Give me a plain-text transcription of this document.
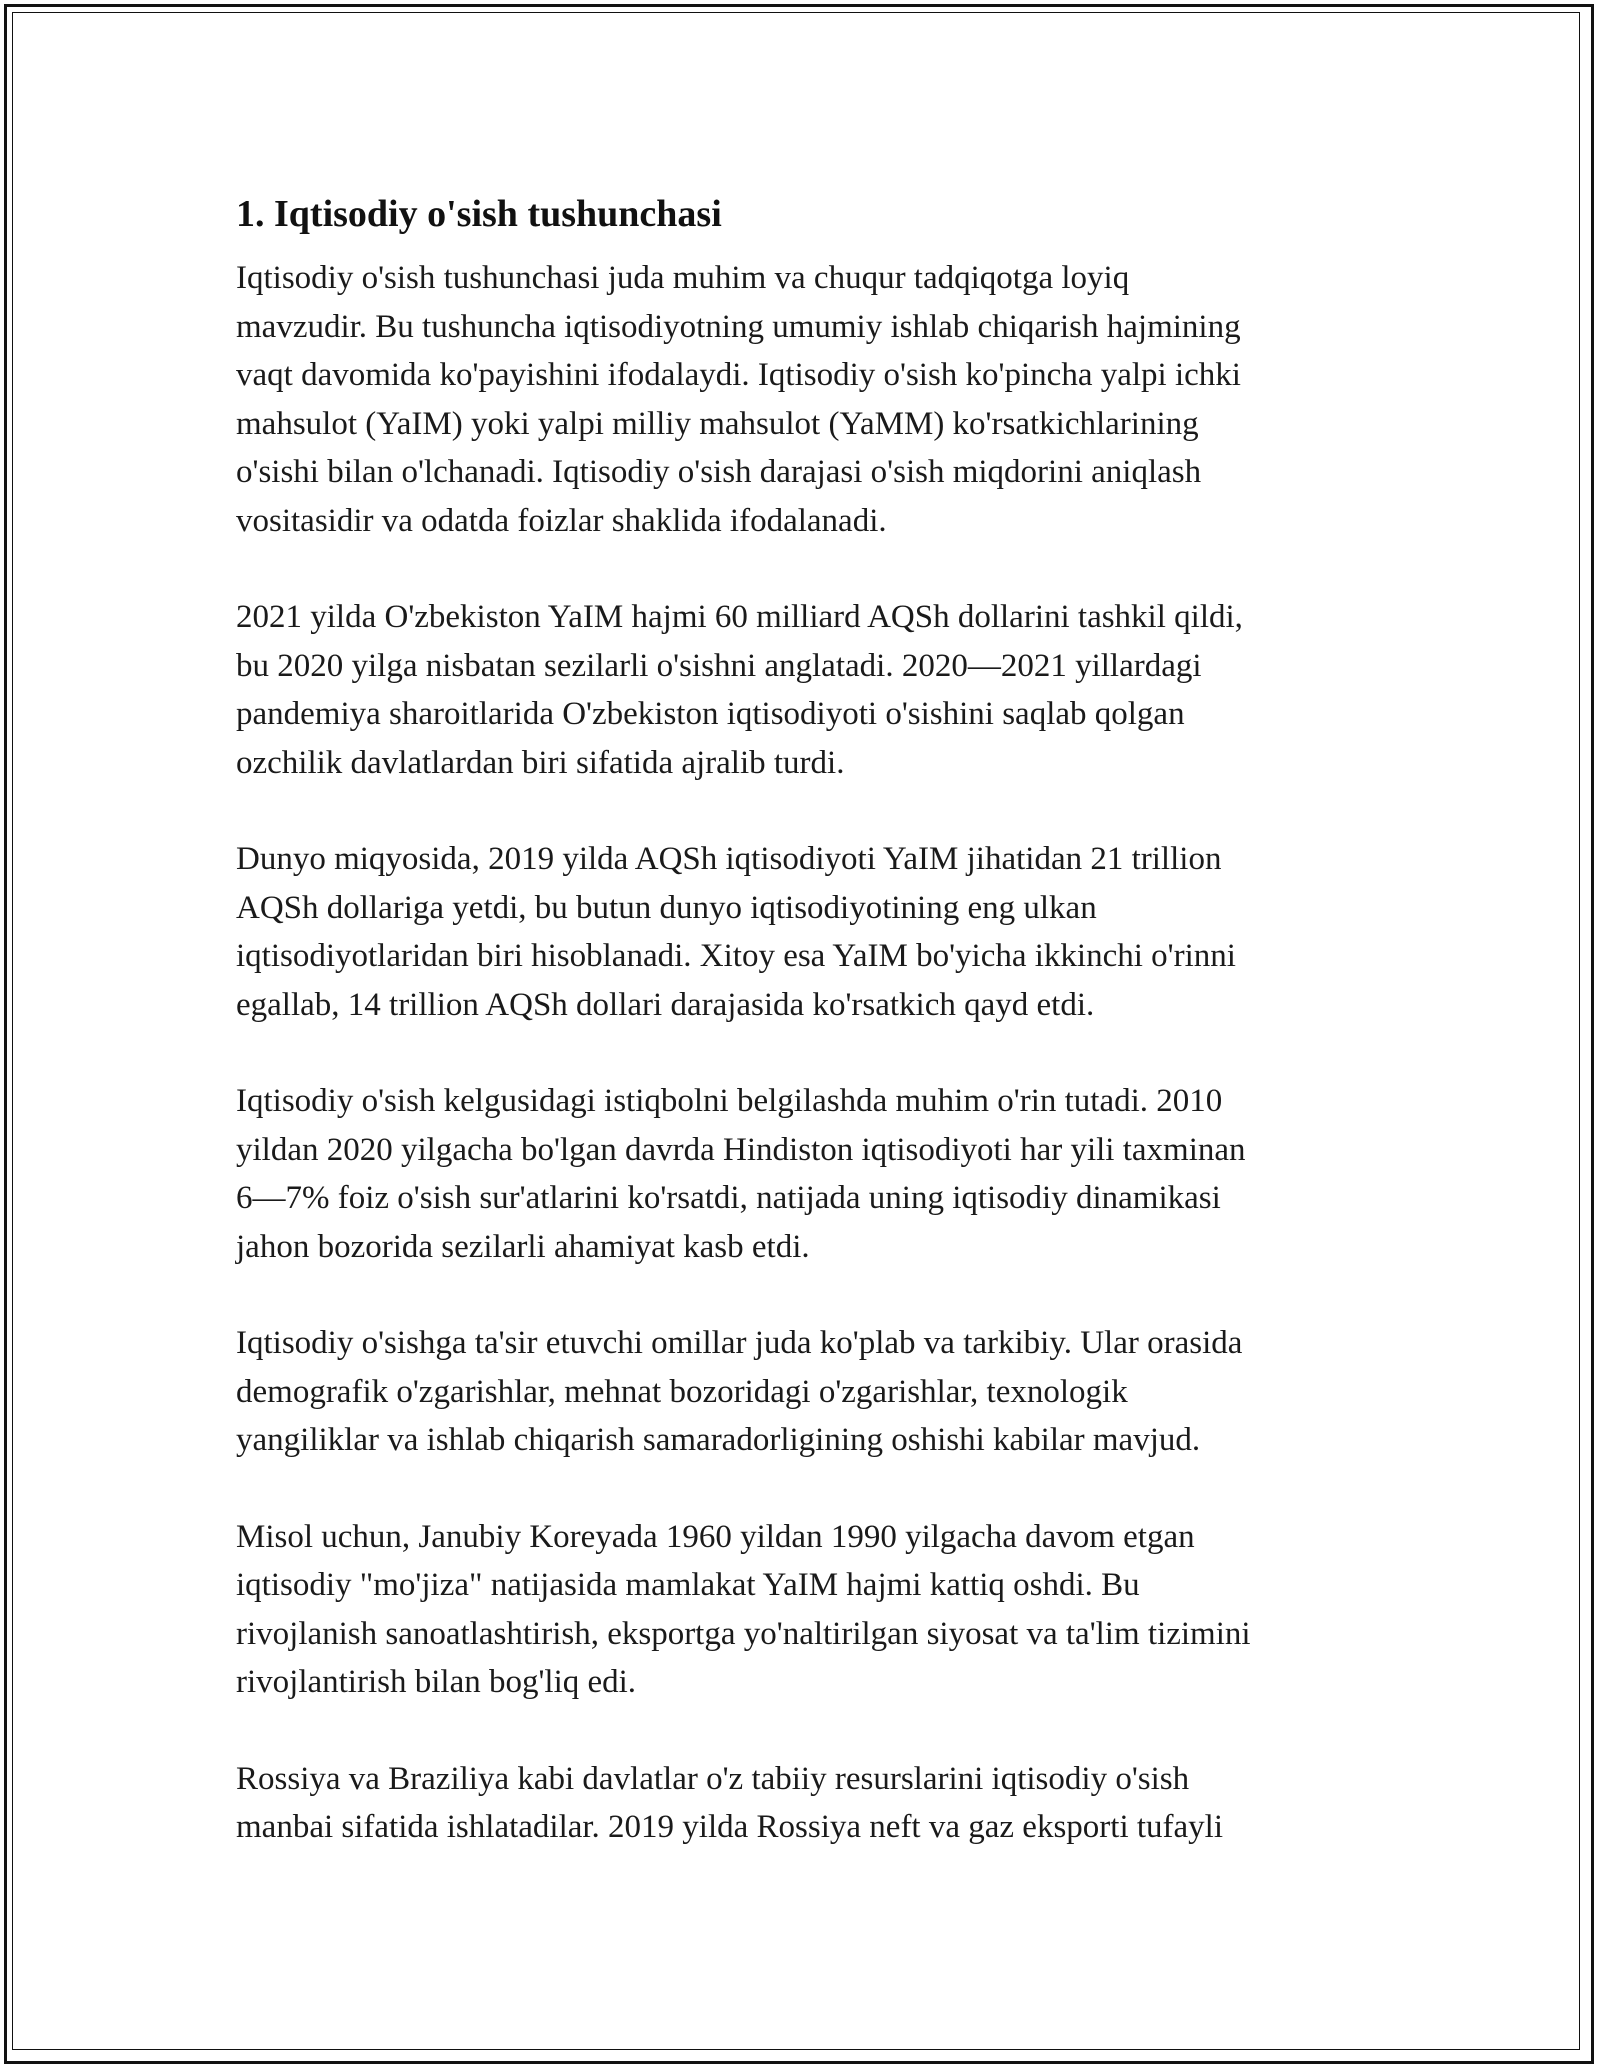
1. Iqtisodiy o'sish tushunchasi

Iqtisodiy o'sish tushunchasi juda muhim va chuqur tadqiqotga loyiq
mavzudir. Bu tushuncha iqtisodiyotning umumiy ishlab chiqarish hajmining
vaqt davomida ko'payishini ifodalaydi. Iqtisodiy o'sish ko'pincha yalpi ichki
mahsulot (YaIM) yoki yalpi milliy mahsulot (YaMM) ko'rsatkichlarining
o'sishi bilan o'lchanadi. Iqtisodiy o'sish darajasi o'sish miqdorini aniqlash
vositasidir va odatda foizlar shaklida ifodalanadi.

2021 yilda O'zbekiston YaIM hajmi 60 milliard AQSh dollarini tashkil qildi,
bu 2020 yilga nisbatan sezilarli o'sishni anglatadi. 2020—2021 yillardagi
pandemiya sharoitlarida O'zbekiston iqtisodiyoti o'sishini saqlab qolgan
ozchilik davlatlardan biri sifatida ajralib turdi.

Dunyo miqyosida, 2019 yilda AQSh iqtisodiyoti YaIM jihatidan 21 trillion
AQSh dollariga yetdi, bu butun dunyo iqtisodiyotining eng ulkan
iqtisodiyotlaridan biri hisoblanadi. Xitoy esa YaIM bo'yicha ikkinchi o'rinni
egallab, 14 trillion AQSh dollari darajasida ko'rsatkich qayd etdi.

Iqtisodiy o'sish kelgusidagi istiqbolni belgilashda muhim o'rin tutadi. 2010
yildan 2020 yilgacha bo'lgan davrda Hindiston iqtisodiyoti har yili taxminan
6—7% foiz o'sish sur'atlarini ko'rsatdi, natijada uning iqtisodiy dinamikasi
jahon bozorida sezilarli ahamiyat kasb etdi.

Iqtisodiy o'sishga ta'sir etuvchi omillar juda ko'plab va tarkibiy. Ular orasida
demografik o'zgarishlar, mehnat bozoridagi o'zgarishlar, texnologik
yangiliklar va ishlab chiqarish samaradorligining oshishi kabilar mavjud.

Misol uchun, Janubiy Koreyada 1960 yildan 1990 yilgacha davom etgan
iqtisodiy "mo'jiza" natijasida mamlakat YaIM hajmi kattiq oshdi. Bu
rivojlanish sanoatlashtirish, eksportga yo'naltirilgan siyosat va ta'lim tizimini
rivojlantirish bilan bog'liq edi.

Rossiya va Braziliya kabi davlatlar o'z tabiiy resurslarini iqtisodiy o'sish
manbai sifatida ishlatadilar. 2019 yilda Rossiya neft va gaz eksporti tufayli
